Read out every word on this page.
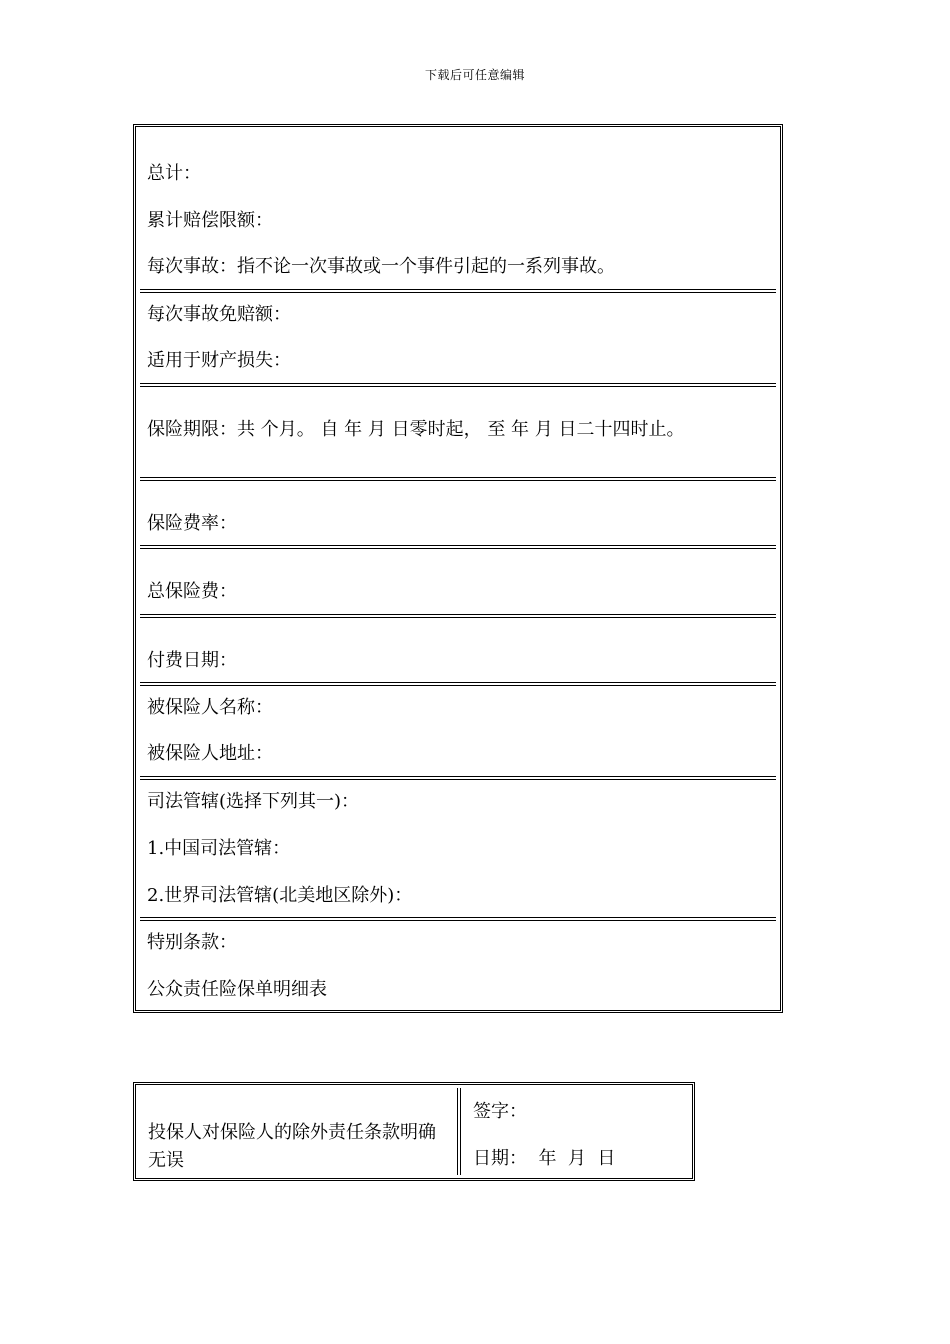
下载后可任意编辑
总计：
累计赔偿限额：
每次事故：指不论一次事故或一个事件引起的一系列事故。
每次事故免赔额：
适用于财产损失：
保险期限：共 个月。 自 年 月 日零时起， 至 年 月 日二十四时止。
保险费率：
总保险费：
付费日期：
被保险人名称：
被保险人地址：
司法管辖(选择下列其一)：
1.中国司法管辖：
2.世界司法管辖(北美地区除外)：
特别条款：
公众责任险保单明细表
投保人对保险人的除外责任条款明确无误
签字：
日期：  年  月  日
